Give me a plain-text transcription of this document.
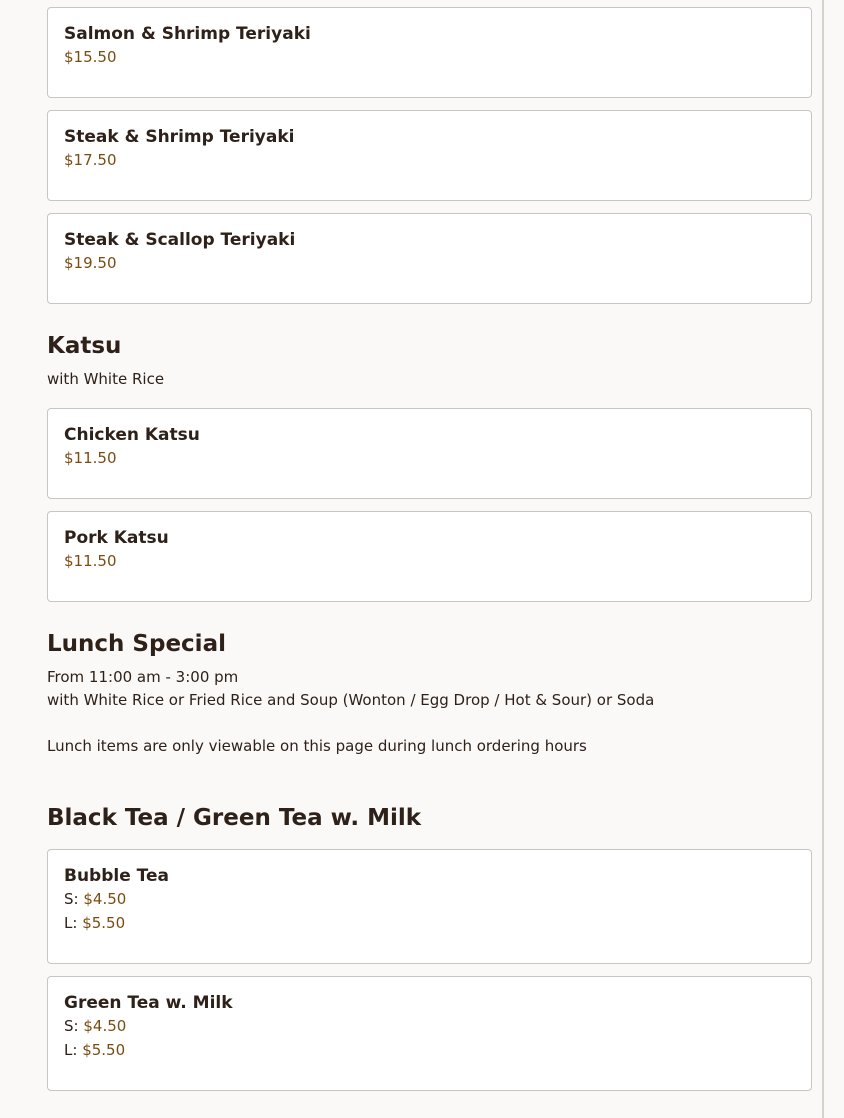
Salmon & Shrimp Teriyaki
$15.50
Steak & Shrimp Teriyaki
$17.50
Steak & Scallop Teriyaki
$19.50
Katsu

with White Rice

Chicken Katsu
$11.50
Pork Katsu
$11.50
Lunch Special

From 11:00 am - 3:00 pm

with White Rice or Fried Rice and Soup (Wonton / Egg Drop / Hot & Sour) or Soda

Lunch items are only viewable on this page during lunch ordering hours

Black Tea / Green Tea w. Milk
Bubble Tea
S: $4.50
L: $5.50
Green Tea w. Milk
S: $4.50
L: $5.50
